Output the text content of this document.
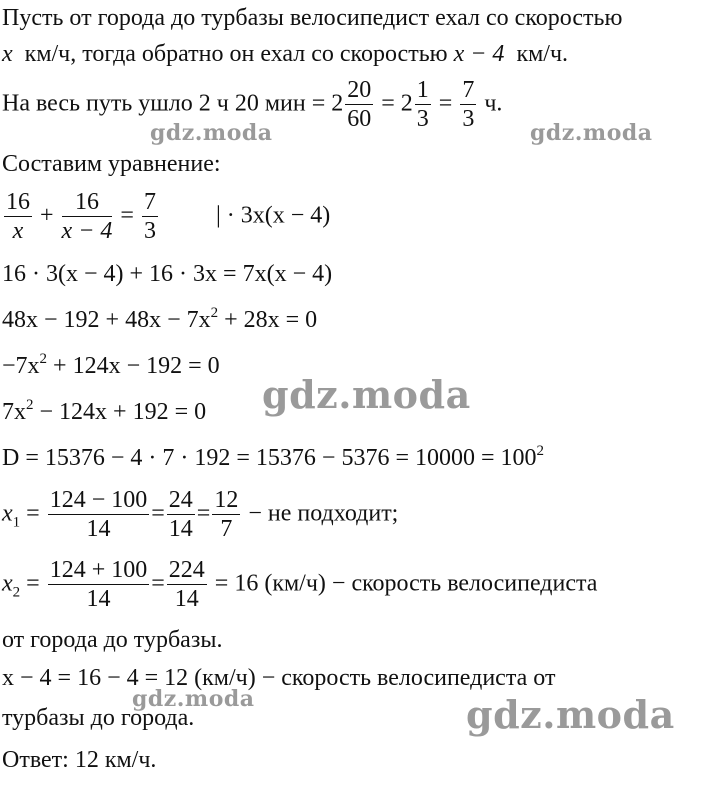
Пусть от города до турбазы велосипедист ехал со скоростью
x км/ч, тогда обратно он ехал со скоростью x − 4 км/ч.
На весь путь ушло 2 ч 20 мин = $2 \frac{20}{60} = 2 \frac{1}{3} = \frac{7}{3} ч$.
Составим уравнение:
$\frac{16}{x} + \frac{16}{x - 4} = \frac{7}{3}$ | · 3x(x − 4)
16 · 3(x − 4) + 16 · 3x = 7x(x − 4)
$48x - 192 + 48x - 7x^2 + 28x = 0$
$-7x^2 + 124x - 192 = 0$
$7x^2 - 124x + 192 = 0$
$D = 15376 - 4 \cdot 7 \cdot 192 = 15376 - 5376 = 10000 = 100^2$
$x_1 = \frac{124 - 100}{14} = \frac{24}{14} = \frac{12}{7}$ − не подходит;
$x_2 = \frac{124 + 100}{14} = \frac{224}{14} = 16$ (км/ч) − скорость велосипедиста
от города до турбазы.
x − 4 = 16 − 4 = 12 (км/ч) − скорость велосипедиста от
турбазы до города.
Ответ: 12 км/ч.
gdz.moda	gdz.moda
gdz.moda
gdz.moda	gdz.moda
